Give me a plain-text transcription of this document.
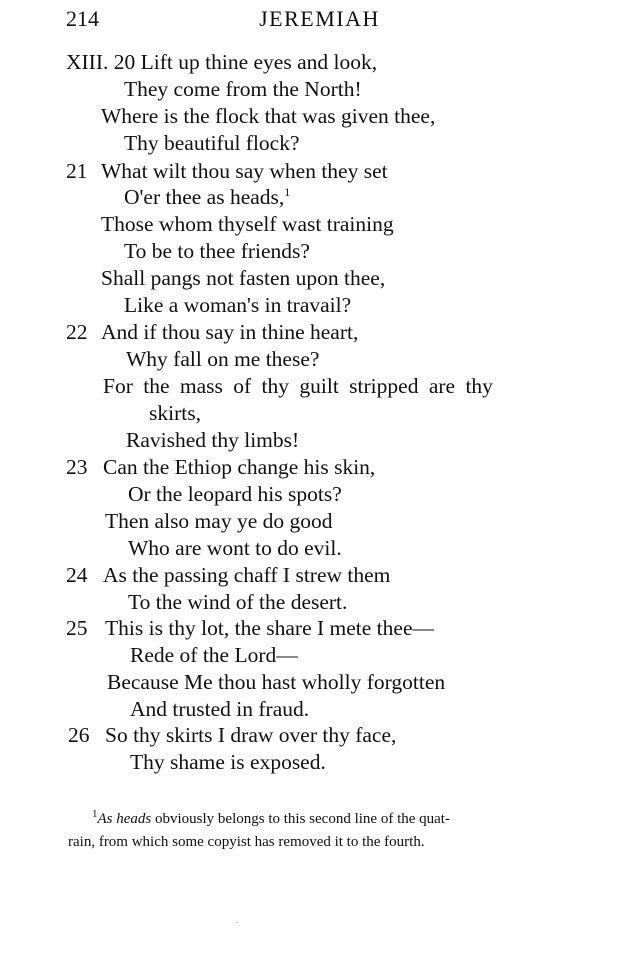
214	JEREMIAH
XIII. 20 Lift up thine eyes and look,
They come from the North!
Where is the flock that was given thee,
Thy beautiful flock?
21 What wilt thou say when they set
O'er thee as heads,$^1$
Those whom thyself wast training
To be to thee friends?
Shall pangs not fasten upon thee,
Like a woman's in travail?
22 And if thou say in thine heart,
Why fall on me these?
For the mass of thy guilt stripped are thy
skirts,
Ravished thy limbs!
23 Can the Ethiop change his skin,
Or the leopard his spots?
Then also may ye do good
Who are wont to do evil.
24 As the passing chaff I strew them
To the wind of the desert.
25 This is thy lot, the share I mete thee—
Rede of the Lord—
Because Me thou hast wholly forgotten
And trusted in fraud.
26 So thy skirts I draw over thy face,
Thy shame is exposed.
$^1$As heads obviously belongs to this second line of the quat-
rain, from which some copyist has removed it to the fourth.
